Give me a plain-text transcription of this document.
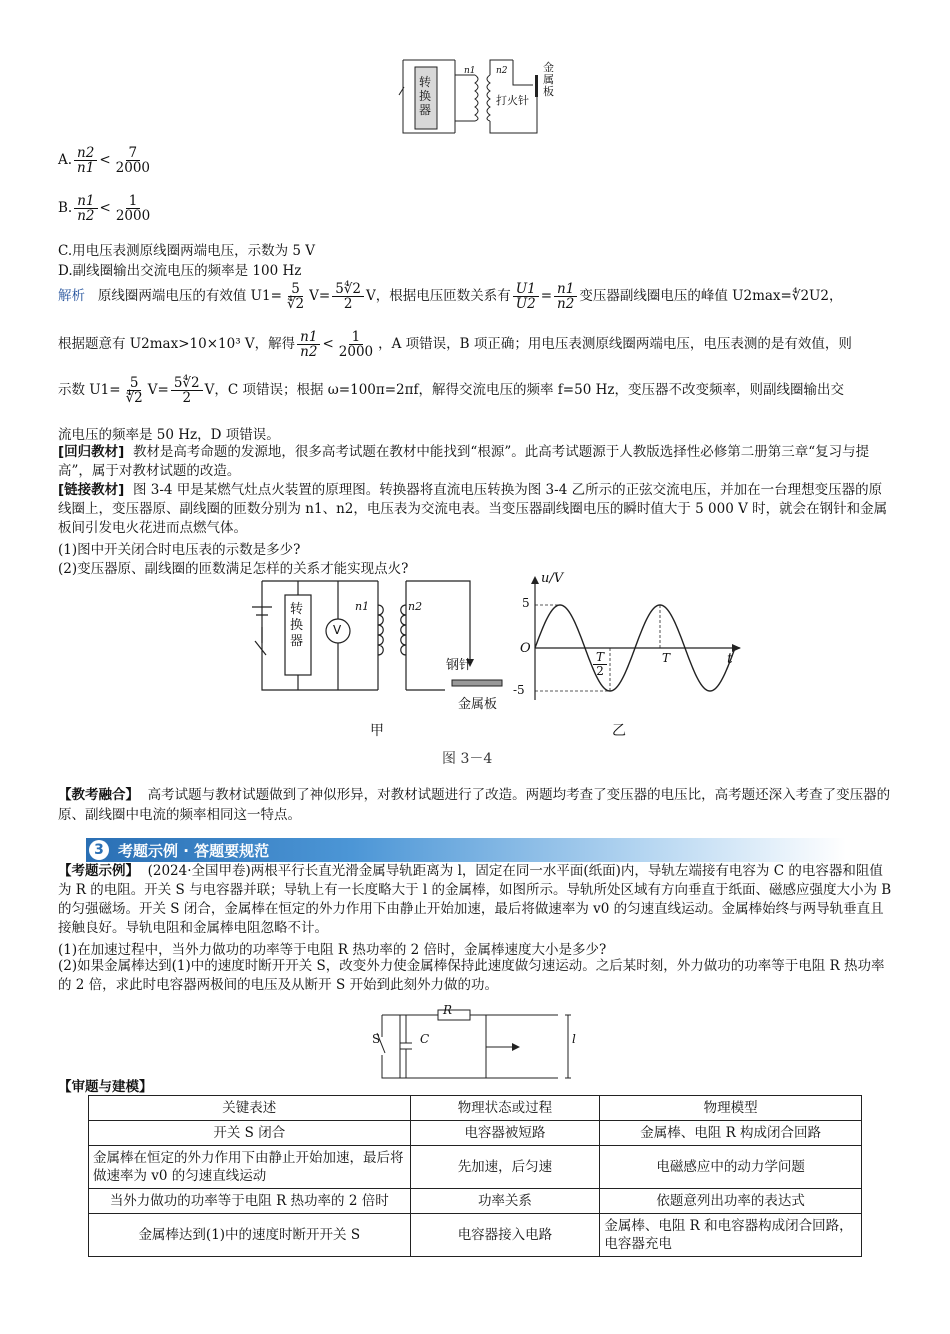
转换器
n1 n2
打火针
金属板
A. $\frac{n2}{n1} < \frac{7}{2000}$
B. $\frac{n1}{n2} < \frac{1}{2000}$
C.用电压表测原线圈两端电压，示数为 5 V
D.副线圈输出交流电压的频率是 100 Hz
解析 原线圈两端电压的有效值 $U1= \frac{5}{∜2} V= \frac{5∜2}{2}$ V，根据电压匝数关系有 $\frac{U1}{U2} = \frac{n1}{n2}$ 变压器副线圈电压的峰值 U2max=∜2U2，
根据题意有 U2max>10×10³ V，解得 $\frac{n1}{n2} < \frac{1}{2000}$ ，A 项错误，B 项正确；用电压表测原线圈两端电压，电压表测的是有效值，则
示数 $U1= \frac{5}{∜2} V= \frac{5∜2}{2}$ V，C 项错误；根据 ω=100π=2πf，解得交流电压的频率 f=50 Hz，变压器不改变频率，则副线圈输出交
流电压的频率是 50 Hz，D 项错误。
[回归教材] 教材是高考命题的发源地，很多高考试题在教材中能找到“根源”。此高考试题源于人教版选择性必修第二册第三章“复习与提高”，属于对教材试题的改造。
[链接教材] 图 3-4 甲是某燃气灶点火装置的原理图。转换器将直流电压转换为图 3-4 乙所示的正弦交流电压，并加在一台理想变压器的原线圈上，变压器原、副线圈的匝数分别为 n1、n2，电压表为交流电表。当变压器副线圈电压的瞬时值大于 5 000 V 时，就会在钢针和金属板间引发电火花进而点燃气体。
(1)图中开关闭合时电压表的示数是多少?
(2)变压器原、副线圈的匝数满足怎样的关系才能实现点火?
转换器
V
n1	n2
钢针
金属板
甲	乙
图 3－4
u/V
5
-5
O
t
$\frac{T}{2}$	T
【教考融合】 高考试题与教材试题做到了神似形异，对教材试题进行了改造。两题均考查了变压器的电压比，高考题还深入考查了变压器的原、副线圈中电流的频率相同这一特点。
3 考题示例 · 答题要规范
【考题示例】 (2024·全国甲卷)两根平行长直光滑金属导轨距离为 l，固定在同一水平面(纸面)内，导轨左端接有电容为 C 的电容器和阻值为 R 的电阻。开关 S 与电容器并联；导轨上有一长度略大于 l 的金属棒，如图所示。导轨所处区域有方向垂直于纸面、磁感应强度大小为 B 的匀强磁场。开关 S 闭合，金属棒在恒定的外力作用下由静止开始加速，最后将做速率为 v0 的匀速直线运动。金属棒始终与两导轨垂直且接触良好。导轨电阻和金属棒电阻忽略不计。
(1)在加速过程中，当外力做功的功率等于电阻 R 热功率的 2 倍时，金属棒速度大小是多少?
(2)如果金属棒达到(1)中的速度时断开开关 S，改变外力使金属棒保持此速度做匀速运动。之后某时刻，外力做功的功率等于电阻 R 热功率的 2 倍，求此时电容器两极间的电压及从断开 S 开始到此刻外力做的功。
R
C
S	l
【审题与建模】
关键表述	物理状态或过程	物理模型
开关 S 闭合	电容器被短路	金属棒、电阻 R 构成闭合回路
金属棒在恒定的外力作用下由静止开始加速，最后将做速率为 v0 的匀速直线运动	先加速，后匀速	电磁感应中的动力学问题
当外力做功的功率等于电阻 R 热功率的 2 倍时	功率关系	依题意列出功率的表达式
金属棒达到(1)中的速度时断开开关 S	电容器接入电路	金属棒、电阻 R 和电容器构成闭合回路，电容器充电
